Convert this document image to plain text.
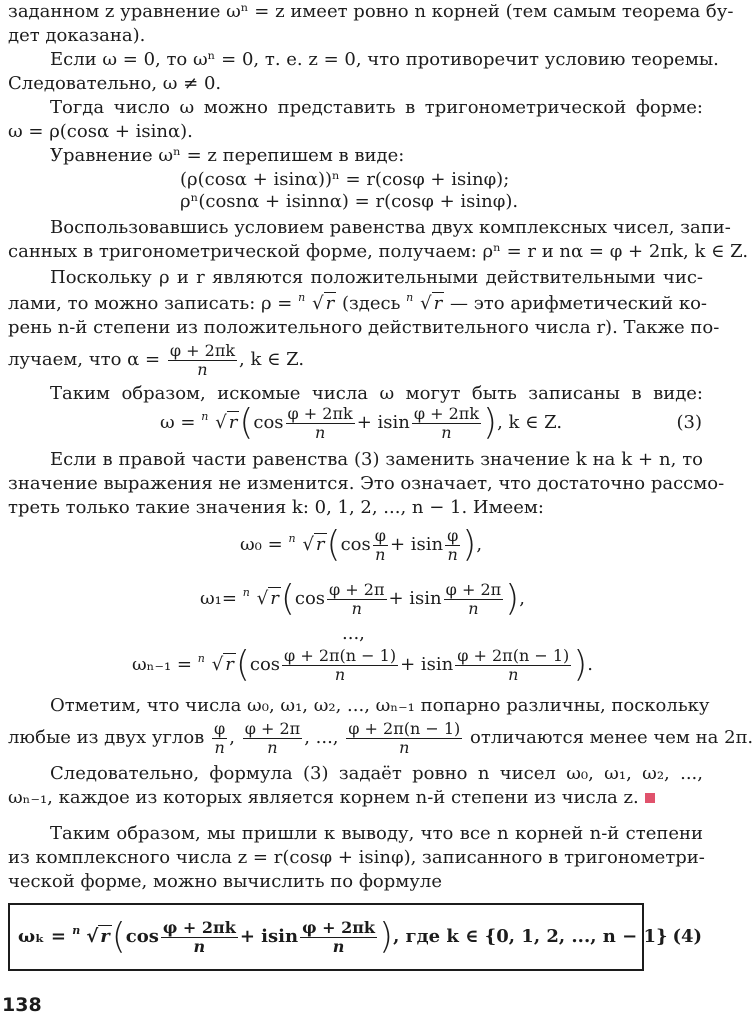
заданном z уравнение ωⁿ = z имеет ровно n корней (тем самым теорема бу-
дет доказана).
Если ω = 0, то ωⁿ = 0, т. е. z = 0, что противоречит условию теоремы.
Следовательно, ω ≠ 0.
Тогда число ω можно представить в тригонометрической форме:
ω = ρ(cosα + isinα).
Уравнение ωⁿ = z перепишем в виде:
(ρ(cosα + isinα))ⁿ = r(cosφ + isinφ);
ρⁿ(cosnα + isinnα) = r(cosφ + isinφ).
Воспользовавшись условием равенства двух комплексных чисел, запи-
санных в тригонометрической форме, получаем: ρⁿ = r и nα = φ + 2πk, k ∈ Z.
Поскольку ρ и r являются положительными действительными чис-
лами, то можно записать: ρ = n √ r (здесь n √ r — это арифметический ко-
рень n-й степени из положительного действительного числа r). Также по-
лучаем, что $\alpha = \frac{\varphi + 2\pi k}{n}$ , k ∈ Z.
Таким образом, искомые числа ω могут быть записаны в виде:
ω = n √ $r(\cos \frac{\varphi + 2\pi k}{n} + isin \frac{\varphi + 2\pi k}{n}$ ), k ∈ Z.	(3)
Если в правой части равенства (3) заменить значение k на k + n, то
значение выражения не изменится. Это означает, что достаточно рассмо-
треть только такие значения k: 0, 1, 2, ..., n − 1. Имеем:
ω₀ = n √ $r(\cos \frac{\varphi}{n} + isin \frac{\varphi}{n}$ ),
ω₁= n √ $r(\cos \frac{\varphi + 2\pi}{n} + isin \frac{\varphi + 2\pi}{n}$ ),
...,
ωₙ₋₁ = n √ $r(\cos \frac{\varphi + 2\pi(n - 1)}{n} + isin \frac{\varphi + 2\pi(n - 1)}{n}$ ).
Отметим, что числа ω₀, ω₁, ω₂, ..., ωₙ₋₁ попарно различны, поскольку
любые из двух углов $\frac{\varphi}{n}$ , $\frac{\varphi + 2\pi}{n}$ , ..., $\frac{\varphi + 2\pi(n - 1)}{n}$ отличаются менее чем на 2π.
Следовательно, формула (3) задаёт ровно n чисел ω₀, ω₁, ω₂, ...,
ωₙ₋₁, каждое из которых является корнем n-й степени из числа z.
Таким образом, мы пришли к выводу, что все n корней n-й степени
из комплексного числа z = r(cosφ + isinφ), записанного в тригонометри-
ческой форме, можно вычислить по формуле
ωₖ = n √ $r(\cos \frac{\varphi + 2\pi k}{n} + isin \frac{\varphi + 2\pi k}{n}$ ), где k ∈ {0, 1, 2, ..., n − 1} (4)
138
